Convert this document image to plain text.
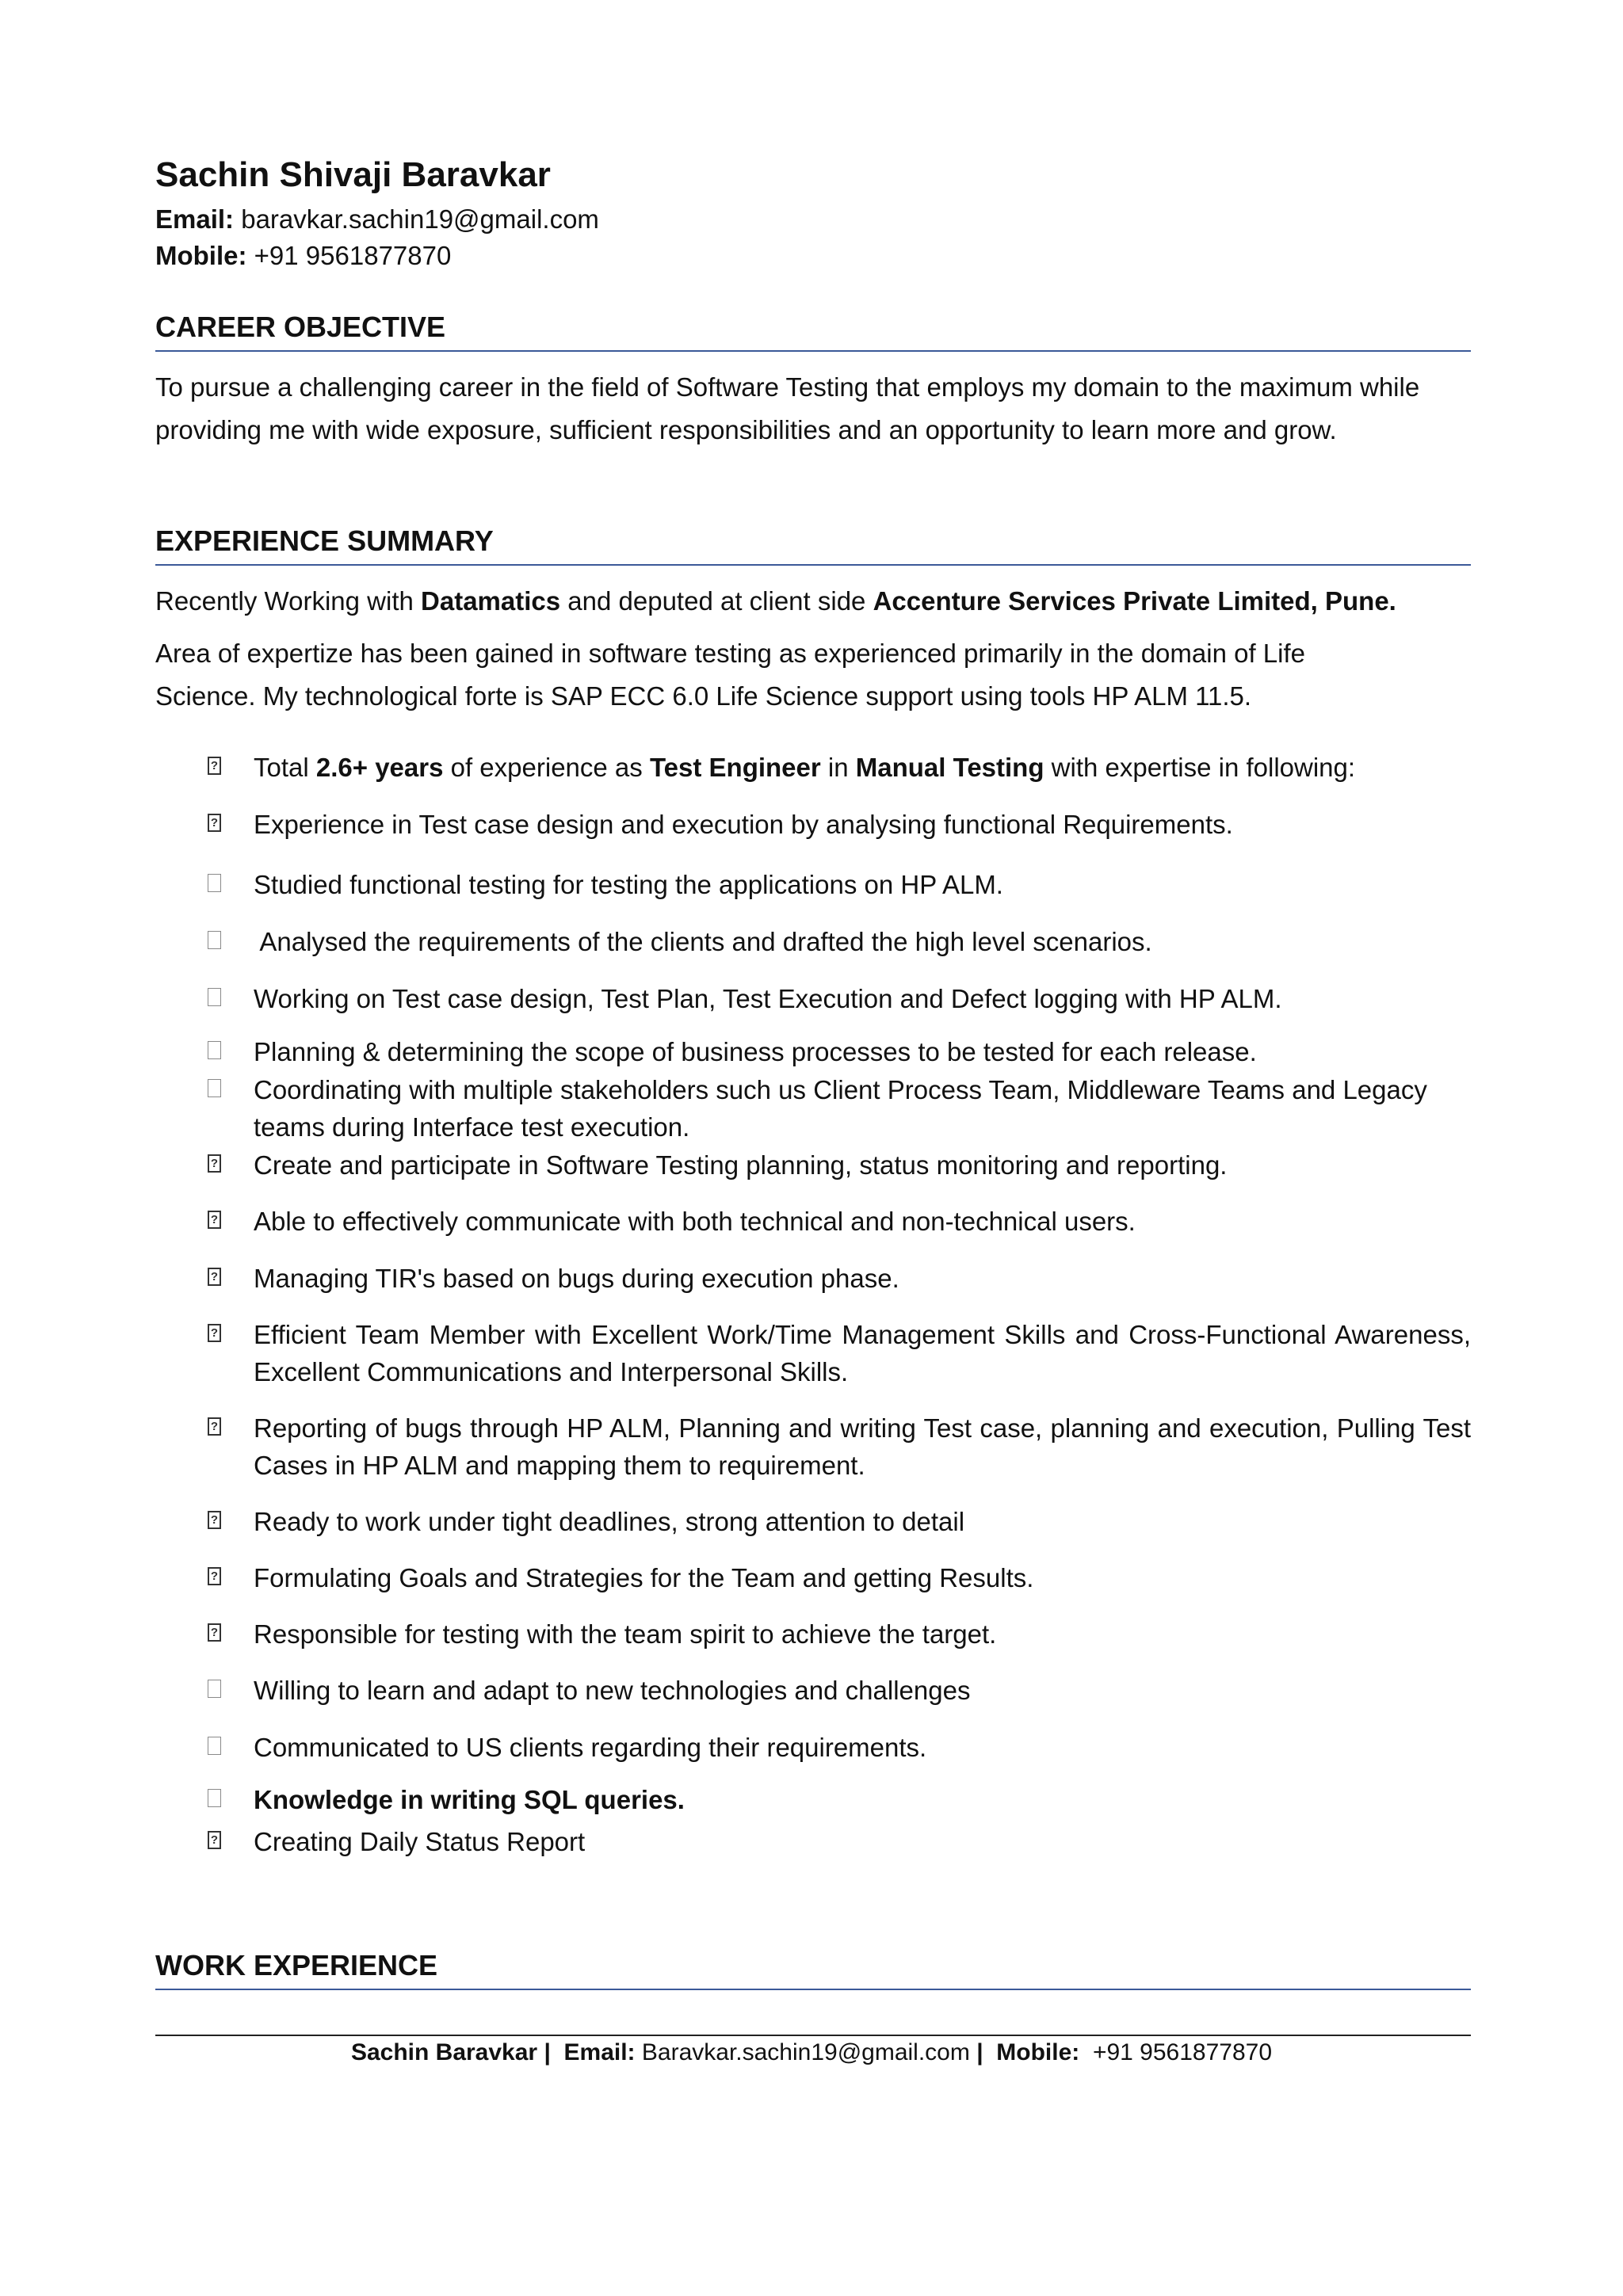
Sachin Shivaji Baravkar
Email: baravkar.sachin19@gmail.com
Mobile: +91 9561877870
CAREER OBJECTIVE
To pursue a challenging career in the field of Software Testing that employs my domain to the maximum while providing me with wide exposure, sufficient responsibilities and an opportunity to learn more and grow.
EXPERIENCE SUMMARY
Recently Working with Datamatics and deputed at client side Accenture Services Private Limited, Pune.
Area of expertize has been gained in software testing as experienced primarily in the domain of Life Science. My technological forte is SAP ECC 6.0 Life Science support using tools HP ALM 11.5.
? Total 2.6+ years of experience as Test Engineer in Manual Testing with expertise in following:
? Experience in Test case design and execution by analysing functional Requirements.
Studied functional testing for testing the applications on HP ALM.
Analysed the requirements of the clients and drafted the high level scenarios.
Working on Test case design, Test Plan, Test Execution and Defect logging with HP ALM.
Planning & determining the scope of business processes to be tested for each release.
Coordinating with multiple stakeholders such us Client Process Team, Middleware Teams and Legacy teams during Interface test execution.
? Create and participate in Software Testing planning, status monitoring and reporting.
? Able to effectively communicate with both technical and non-technical users.
? Managing TIR's based on bugs during execution phase.
? Efficient Team Member with Excellent Work/Time Management Skills and Cross-Functional Awareness, Excellent Communications and Interpersonal Skills.
? Reporting of bugs through HP ALM, Planning and writing Test case, planning and execution, Pulling Test Cases in HP ALM and mapping them to requirement.
? Ready to work under tight deadlines, strong attention to detail
? Formulating Goals and Strategies for the Team and getting Results.
? Responsible for testing with the team spirit to achieve the target.
Willing to learn and adapt to new technologies and challenges
Communicated to US clients regarding their requirements.
Knowledge in writing SQL queries.
? Creating Daily Status Report
WORK EXPERIENCE
Sachin Baravkar | Email: Baravkar.sachin19@gmail.com | Mobile: +91 9561877870
